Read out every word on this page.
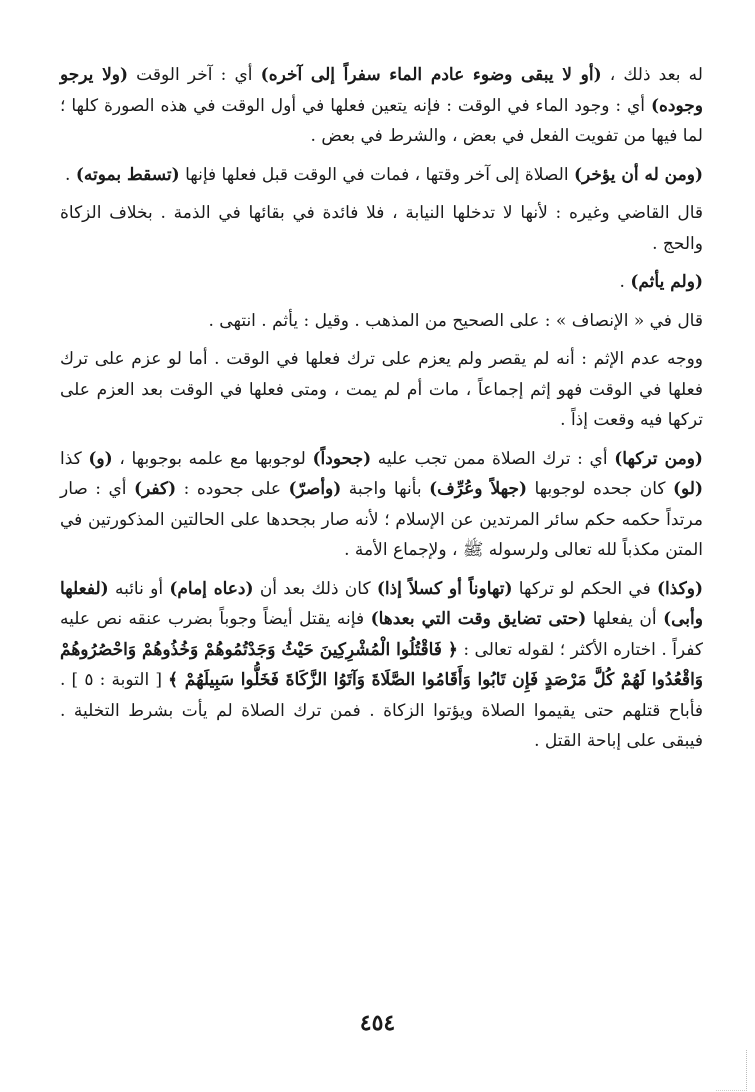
له بعد ذلك ، (أو لا يبقى وضوء عادم الماء سفراً إلى آخره) أي : آخر الوقت (ولا يرجو وجوده) أي : وجود الماء في الوقت : فإنه يتعين فعلها في أول الوقت في هذه الصورة كلها ؛ لما فيها من تفويت الفعل في بعض ، والشرط في بعض .

(ومن له أن يؤخر) الصلاة إلى آخر وقتها ، فمات في الوقت قبل فعلها فإنها (تسقط بموته) .

قال القاضي وغيره : لأنها لا تدخلها النيابة ، فلا فائدة في بقائها في الذمة . بخلاف الزكاة والحج .

(ولم يأثم) .

قال في « الإنصاف » : على الصحيح من المذهب . وقيل : يأثم . انتهى .

ووجه عدم الإثم : أنه لم يقصر ولم يعزم على ترك فعلها في الوقت . أما لو عزم على ترك فعلها في الوقت فهو إثم إجماعاً ، مات أم لم يمت ، ومتى فعلها في الوقت بعد العزم على تركها فيه وقعت إذاً .

(ومن تركها) أي : ترك الصلاة ممن تجب عليه (جحوداً) لوجوبها مع علمه بوجوبها ، (و) كذا (لو) كان جحده لوجوبها (جهلاً وعُرِّف) بأنها واجبة (وأصرّ) على جحوده : (كفر) أي : صار مرتداً حكمه حكم سائر المرتدين عن الإسلام ؛ لأنه صار بجحدها على الحالتين المذكورتين في المتن مكذباً لله تعالى ولرسوله ﷺ ، ولإجماع الأمة .

(وكذا) في الحكم لو تركها (تهاوناً أو كسلاً إذا) كان ذلك بعد أن (دعاه إمام) أو نائبه (لفعلها وأبى) أن يفعلها (حتى تضايق وقت التي بعدها) فإنه يقتل أيضاً وجوباً بضرب عنقه نص عليه كفراً . اختاره الأكثر ؛ لقوله تعالى : ﴿ فَاقْتُلُوا الْمُشْرِكِينَ حَيْثُ وَجَدْتُمُوهُمْ وَخُذُوهُمْ وَاحْصُرُوهُمْ وَاقْعُدُوا لَهُمْ كُلَّ مَرْصَدٍ فَإِن تَابُوا وَأَقَامُوا الصَّلَاةَ وَآتَوُا الزَّكَاةَ فَخَلُّوا سَبِيلَهُمْ ﴾ [ التوبة : ٥ ] . فأباح قتلهم حتى يقيموا الصلاة ويؤتوا الزكاة . فمن ترك الصلاة لم يأت بشرط التخلية . فيبقى على إباحة القتل .

٤٥٤
